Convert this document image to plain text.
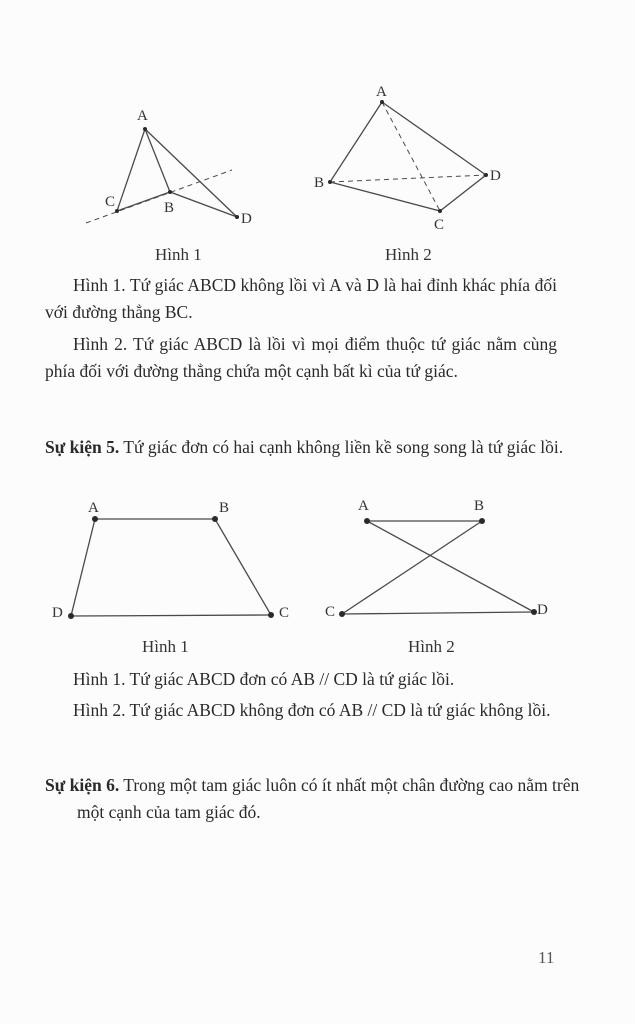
A
C	B
D
Hình 1
A
B
C
D
Hình 2
Hình 1. Tứ giác ABCD không lồi vì A và D là hai đỉnh khác phía đối với đường thẳng BC.
Hình 2. Tứ giác ABCD là lồi vì mọi điểm thuộc tứ giác nằm cùng phía đối với đường thẳng chứa một cạnh bất kì của tứ giác.
Sự kiện 5. Tứ giác đơn có hai cạnh không liền kề song song là tứ giác lồi.
A	B
C
D
Hình 1
A	B
C	D
Hình 2
Hình 1. Tứ giác ABCD đơn có AB // CD là tứ giác lồi.
Hình 2. Tứ giác ABCD không đơn có AB // CD là tứ giác không lồi.
Sự kiện 6. Trong một tam giác luôn có ít nhất một chân đường cao nằm trên một cạnh của tam giác đó.
11
